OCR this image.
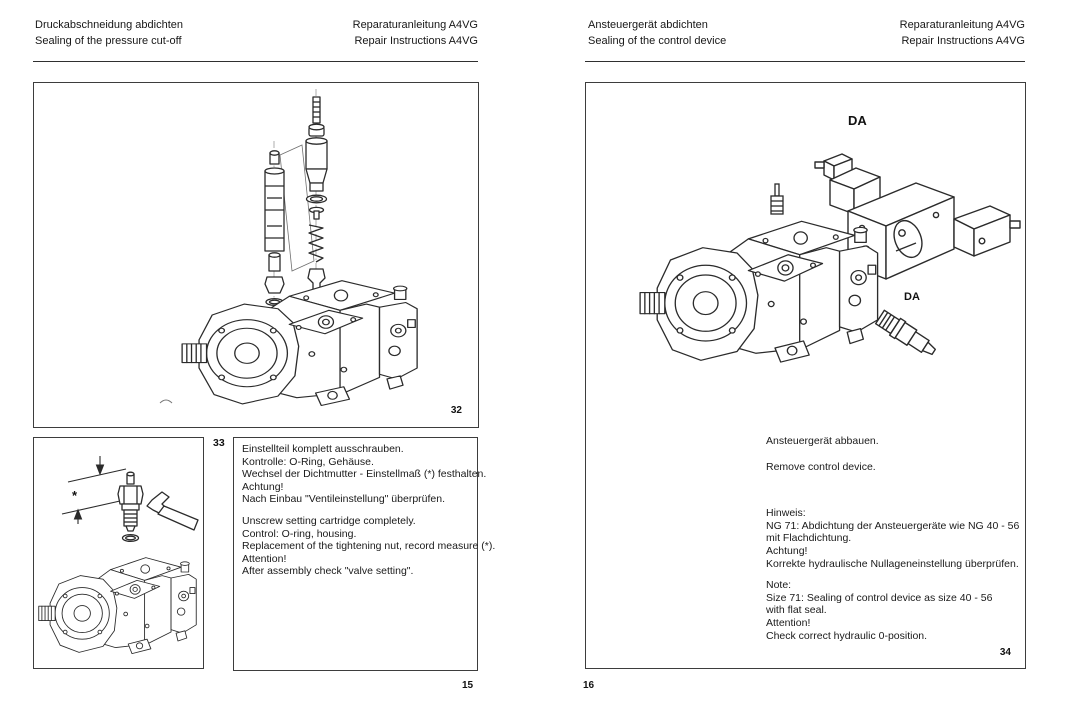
Druckabschneidung abdichten
Sealing of the pressure cut-off
Reparaturanleitung A4VG
Repair Instructions A4VG
32
*
33 Einstellteil komplett ausschrauben.
Kontrolle: O-Ring, Gehäuse.
Wechsel der Dichtmutter - Einstellmaß (*) festhalten.
Achtung!
Nach Einbau "Ventileinstellung" überprüfen.
Unscrew setting cartridge completely.
Control: O-ring, housing.
Replacement of the tightening nut, record measure (*).
Attention!
After assembly check "valve setting".
15
Ansteuergerät abdichten
Sealing of the control device
Reparaturanleitung A4VG
Repair Instructions A4VG
DA
DA
Ansteuergerät abbauen.
Remove control device.
Hinweis:
NG 71: Abdichtung der Ansteuergeräte wie NG 40 - 56
mit Flachdichtung.
Achtung!
Korrekte hydraulische Nullageneinstellung überprüfen.
Note:
Size 71: Sealing of control device as size 40 - 56
with flat seal.
Attention!
Check correct hydraulic 0-position.
34
16
